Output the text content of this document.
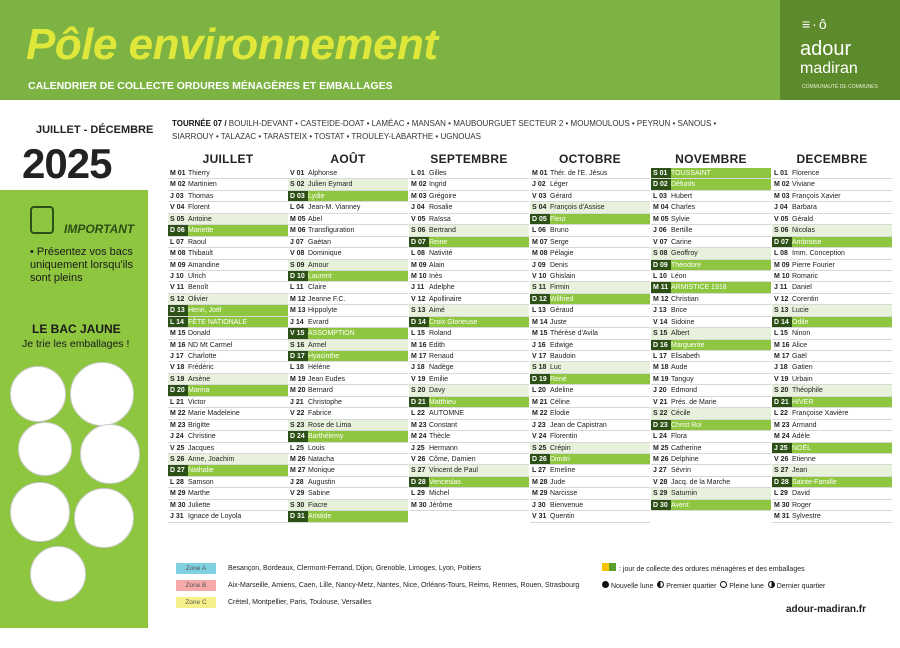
Pôle environnement
CALENDRIER DE COLLECTE ORDURES MÉNAGÈRES ET EMBALLAGES
≡·ô
adour
madiran
COMMUNAUTÉ DE COMMUNES
JUILLET - DÉCEMBRE
2025
IMPORTANT
• Présentez vos bacs uniquement lorsqu'ils sont pleins
LE BAC JAUNE
Je trie les emballages !
TOURNÉE 07 / BOUILH-DEVANT • CASTEIDE-DOAT • LAMÉAC • MANSAN • MAUBOURGUET SECTEUR 2 • MOUMOULOUS • PEYRUN • SANOUS • SIARROUY • TALAZAC • TARASTEIX • TOSTAT • TROULEY-LABARTHE • UGNOUAS
JUILLET
M 01 Thierry
M 02 Martinien
J 03 Thomas
V 04 Florent
S 05 Antoine
D 06 Mariette
L 07 Raoul
M 08 Thibault
M 09 Amandine
J 10 Ulrich
V 11 Benoît
S 12 Olivier
D 13 Henri, Joël
L 14 FÊTE NATIONALE
M 15 Donald
M 16 ND Mt Carmel
J 17 Charlotte
V 18 Frédéric
S 19 Arsène
D 20 Marina
L 21 Victor
M 22 Marie Madeleine
M 23 Brigitte
J 24 Christine
V 25 Jacques
S 26 Anne, Joachim
D 27 Nathalie
L 28 Samson
M 29 Marthe
M 30 Juliette
J 31 Ignace de Loyola
AOÛT
V 01 Alphonse
S 02 Julien Eymard
D 03 Lydie
L 04 Jean-M. Vianney
M 05 Abel
M 06 Transfiguration
J 07 Gaétan
V 08 Dominique
S 09 Amour
D 10 Laurent
L 11 Claire
M 12 Jeanne F.C.
M 13 Hippolyte
J 14 Evrard
V 15 ASSOMPTION
S 16 Armel
D 17 Hyacinthe
L 18 Hélène
M 19 Jean Eudes
M 20 Bernard
J 21 Christophe
V 22 Fabrice
S 23 Rose de Lima
D 24 Barthélemy
L 25 Louis
M 26 Natacha
M 27 Monique
J 28 Augustin
V 29 Sabine
S 30 Fiacre
D 31 Aristide
SEPTEMBRE
L 01 Gilles
M 02 Ingrid
M 03 Grégoire
J 04 Rosalie
V 05 Raïssa
S 06 Bertrand
D 07 Reine
L 08 Nativité
M 09 Alain
M 10 Inès
J 11 Adelphe
V 12 Apollinaire
S 13 Aimé
D 14 Croix Glorieuse
L 15 Roland
M 16 Edith
M 17 Renaud
J 18 Nadège
V 19 Emilie
S 20 Davy
D 21 Matthieu
L 22 AUTOMNE
M 23 Constant
M 24 Thècle
J 25 Hermann
V 26 Côme, Damien
S 27 Vincent de Paul
D 28 Venceslas
L 29 Michel
M 30 Jérôme
OCTOBRE
M 01 Thér. de l'E. Jésus
J 02 Léger
V 03 Gérard
S 04 François d'Assise
D 05 Fleur
L 06 Bruno
M 07 Serge
M 08 Pélagie
J 09 Denis
V 10 Ghislain
S 11 Firmin
D 12 Wilfried
L 13 Géraud
M 14 Juste
M 15 Thérèse d'Avila
J 16 Edwige
V 17 Baudoin
S 18 Luc
D 19 René
L 20 Adeline
M 21 Céline
M 22 Elodie
J 23 Jean de Capistran
V 24 Florentin
S 25 Crépin
D 26 Dimitri
L 27 Emeline
M 28 Jude
M 29 Narcisse
J 30 Bienvenue
V 31 Quentin
NOVEMBRE
S 01 TOUSSAINT
D 02 Défunts
L 03 Hubert
M 04 Charles
M 05 Sylvie
J 06 Bertille
V 07 Carine
S 08 Geoffroy
D 09 Théodore
L 10 Léon
M 11 ARMISTICE 1918
M 12 Christian
J 13 Brice
V 14 Sidoine
S 15 Albert
D 16 Marguerite
L 17 Elisabeth
M 18 Aude
M 19 Tanguy
J 20 Edmond
V 21 Prés. de Marie
S 22 Cécile
D 23 Christ Roi
L 24 Flora
M 25 Catherine
M 26 Delphine
J 27 Sévrin
V 28 Jacq. de la Marche
S 29 Saturnin
D 30 Avent
DECEMBRE
L 01 Florence
M 02 Viviane
M 03 François Xavier
J 04 Barbara
V 05 Gérald
S 06 Nicolas
D 07 Ambroise
L 08 Imm. Conception
M 09 Pierre Fourier
M 10 Romaric
J 11 Daniel
V 12 Corentin
S 13 Lucie
D 14 Odile
L 15 Ninon
M 16 Alice
M 17 Gaël
J 18 Gatien
V 19 Urbain
S 20 Théophile
D 21 HIVER
L 22 Françoise Xavière
M 23 Armand
M 24 Adèle
J 25 NOËL
V 26 Etienne
S 27 Jean
D 28 Sainte-Famille
L 29 David
M 30 Roger
M 31 Sylvestre
Zone A	Besançon, Bordeaux, Clermont-Ferrand, Dijon, Grenoble, Limoges, Lyon, Poitiers
Zone B	Aix-Marseille, Amiens, Caen, Lille, Nancy-Metz, Nantes, Nice, Orléans-Tours, Reims, Rennes, Rouen, Strasbourg
Zone C	Créteil, Montpellier, Paris, Toulouse, Versailles
: jour de collecte des ordures ménagères et des emballages
Nouvelle lune Premier quartier Pleine lune Dernier quartier
adour-madiran.fr
